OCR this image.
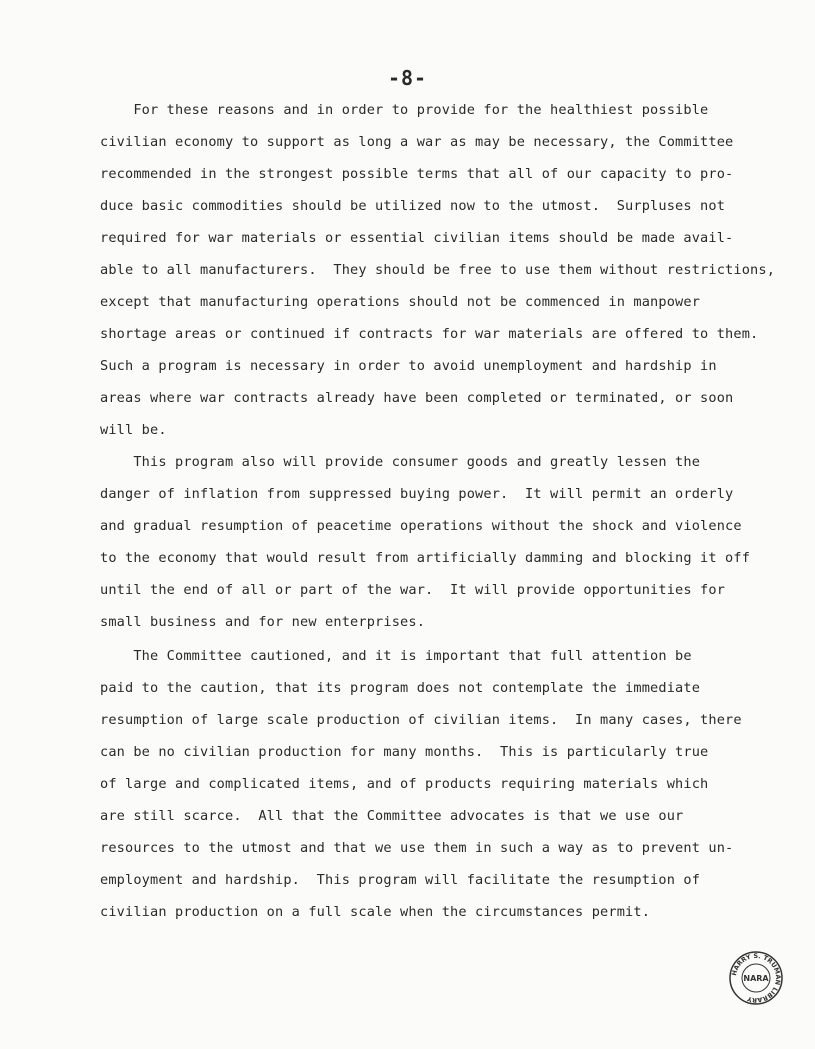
-8-
For these reasons and in order to provide for the healthiest possible
civilian economy to support as long a war as may be necessary, the Committee
recommended in the strongest possible terms that all of our capacity to pro-
duce basic commodities should be utilized now to the utmost.  Surpluses not
required for war materials or essential civilian items should be made avail-
able to all manufacturers.  They should be free to use them without restrictions,
except that manufacturing operations should not be commenced in manpower
shortage areas or continued if contracts for war materials are offered to them.
Such a program is necessary in order to avoid unemployment and hardship in
areas where war contracts already have been completed or terminated, or soon
will be.
This program also will provide consumer goods and greatly lessen the
danger of inflation from suppressed buying power.  It will permit an orderly
and gradual resumption of peacetime operations without the shock and violence
to the economy that would result from artificially damming and blocking it off
until the end of all or part of the war.  It will provide opportunities for
small business and for new enterprises.
The Committee cautioned, and it is important that full attention be
paid to the caution, that its program does not contemplate the immediate
resumption of large scale production of civilian items.  In many cases, there
can be no civilian production for many months.  This is particularly true
of large and complicated items, and of products requiring materials which
are still scarce.  All that the Committee advocates is that we use our
resources to the utmost and that we use them in such a way as to prevent un-
employment and hardship.  This program will facilitate the resumption of
civilian production on a full scale when the circumstances permit.
HARRY S. TRUMAN LIBRARY
NARA
